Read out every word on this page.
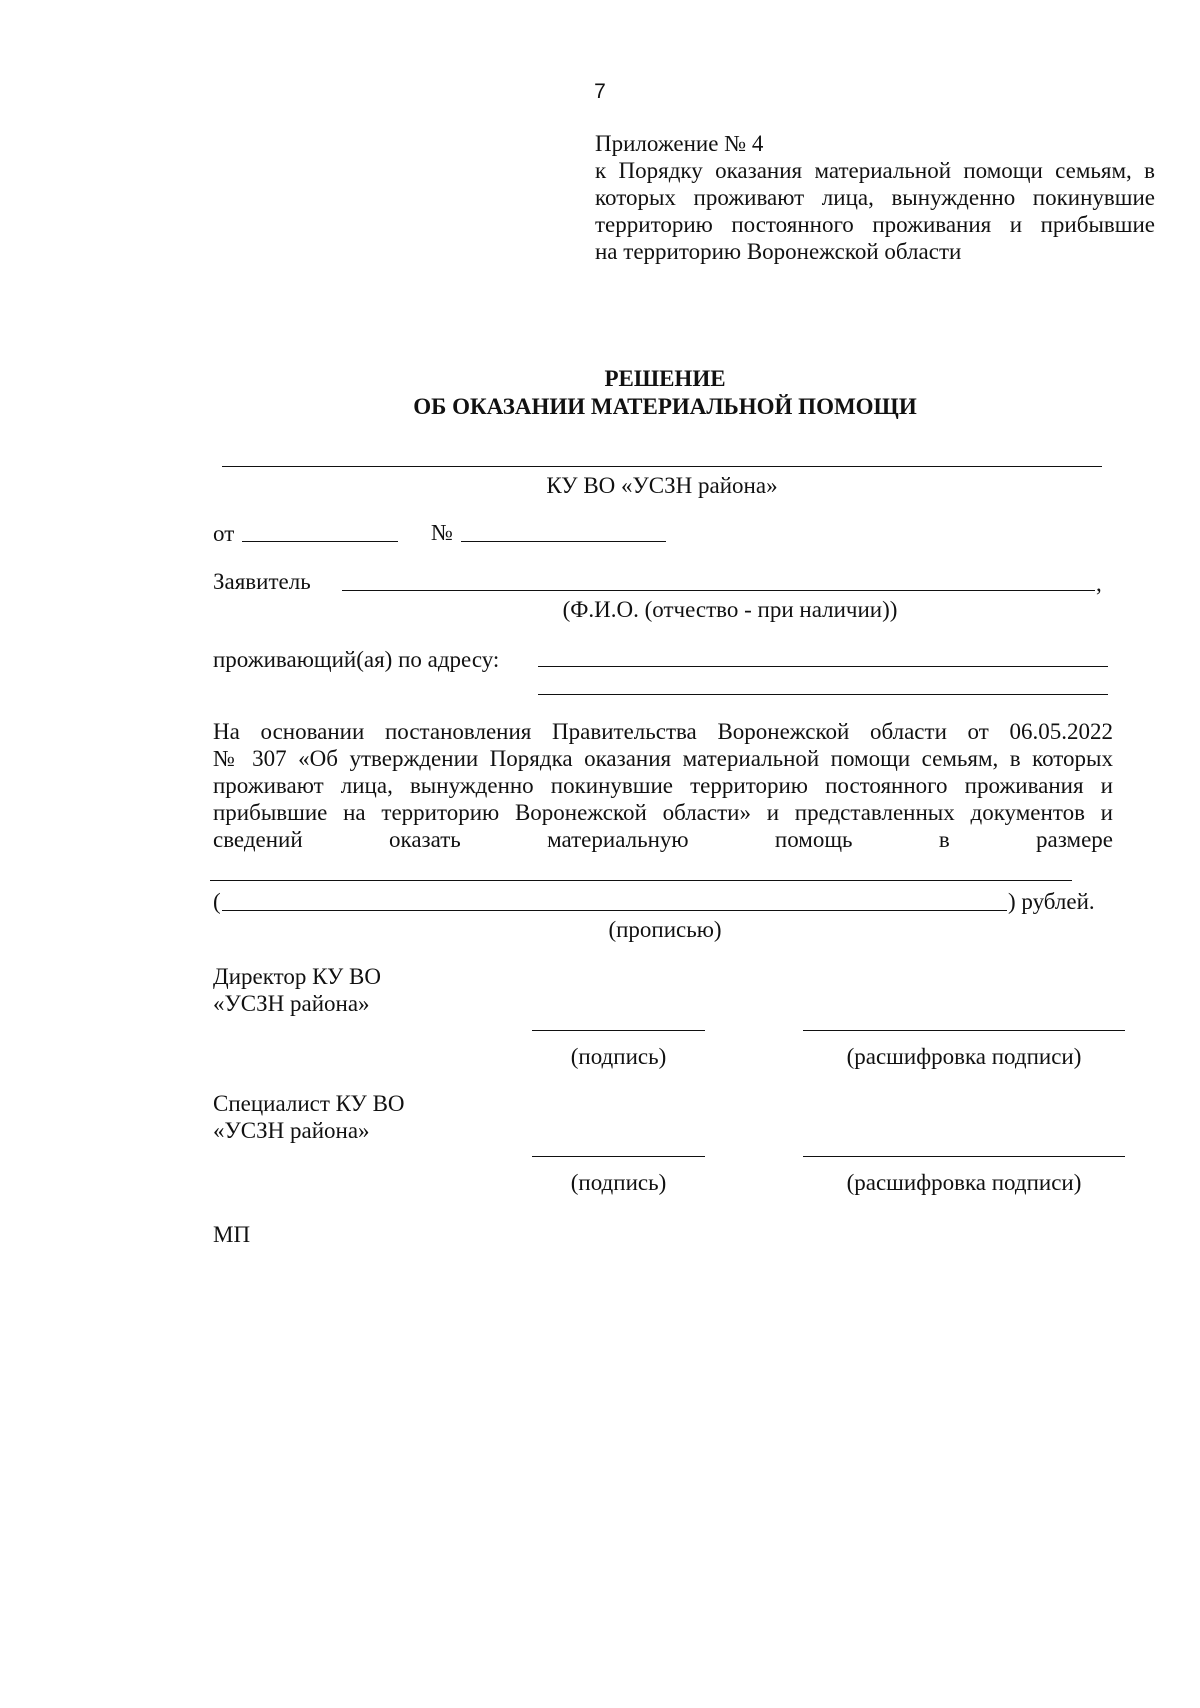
7
Приложение № 4
к Порядку оказания материальной помощи семьям, в
которых проживают лица, вынужденно покинувшие
территорию постоянного проживания и прибывшие
на территорию Воронежской области
РЕШЕНИЕ
ОБ ОКАЗАНИИ МАТЕРИАЛЬНОЙ ПОМОЩИ
КУ ВО «УСЗН района»
от	№
Заявитель	,
(Ф.И.О. (отчество - при наличии))
проживающий(ая) по адресу:
На основании постановления Правительства Воронежской области от 06.05.2022
№ 307 «Об утверждении Порядка оказания материальной помощи семьям, в которых
проживают лица, вынужденно покинувшие территорию постоянного проживания и
прибывшие на территорию Воронежской области» и представленных документов и
сведений оказать материальную помощь в размере
(	) рублей.
(прописью)
Директор КУ ВО
«УСЗН района»
(подпись)	(расшифровка подписи)
Специалист КУ ВО
«УСЗН района»
(подпись)	(расшифровка подписи)
МП
